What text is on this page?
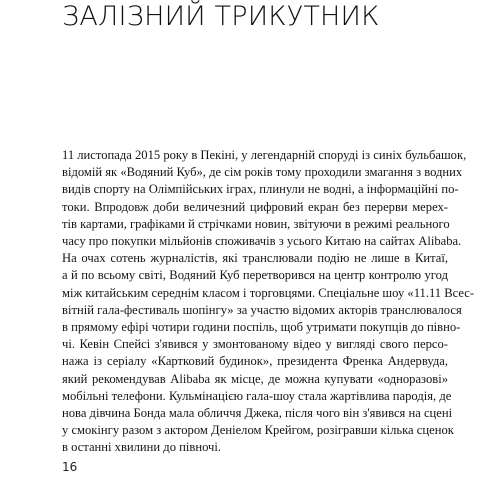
ЗАЛІЗНИЙ ТРИКУТНИК
11 листопада 2015 року в Пекіні, у легендарній споруді із синіх бульбашок,
відомій як «Водяний Куб», де сім років тому проходили змагання з водних
видів спорту на Олімпійських іграх, плинули не водні, а інформаційні по-
токи. Впродовж доби величезний цифровий екран без перерви мерех-
тів картами, графіками й стрічками новин, звітуючи в режимі реального
часу про покупки мільйонів споживачів з усього Китаю на сайтах Alibaba.
На очах сотень журналістів, які транслювали подію не лише в Китаї,
а й по всьому світі, Водяний Куб перетворився на центр контролю угод
між китайським середнім класом і торговцями. Спеціальне шоу «11.11 Всес-
вітній гала-фестиваль шопінгу» за участю відомих акторів транслювалося
в прямому ефірі чотири години поспіль, щоб утримати покупців до півно-
чі. Кевін Спейсі з'явився у змонтованому відео у вигляді свого персо-
нажа із серіалу «Картковий будинок», президента Френка Андервуда,
який рекомендував Alibaba як місце, де можна купувати «одноразові»
мобільні телефони. Кульмінацією гала-шоу стала жартівлива пародія, де
нова дівчина Бонда мала обличчя Джека, після чого він з'явився на сцені
у смокінгу разом з актором Деніелом Крейгом, розігравши кілька сценок
в останні хвилини до півночі.
16
